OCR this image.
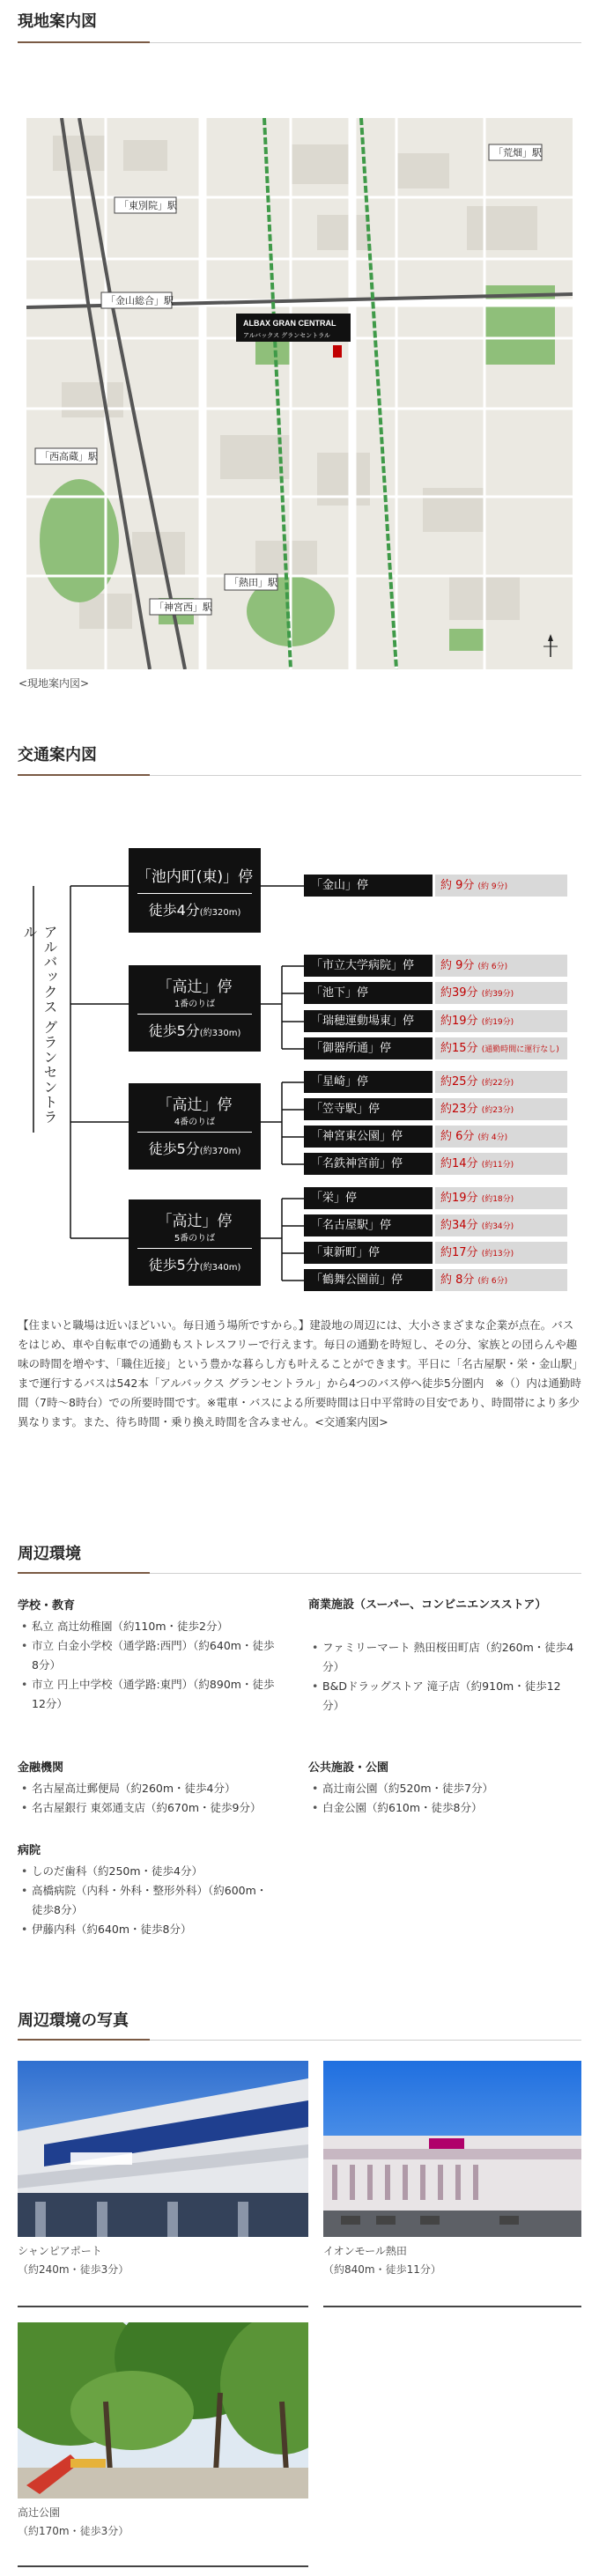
現地案内図
「荒畑」駅
「金山総合」駅
「西高蔵」駅
「熱田」駅
「神宮西」駅
「東別院」駅
ALBAX GRAN CENTRAL
アルバックス グランセントラル
<現地案内図>
交通案内図
アルバックス グランセントラル
「池内町(東)」停
徒歩4分(約320m)
「高辻」停
1番のりば
徒歩5分(約330m)
「高辻」停
4番のりば
徒歩5分(約370m)
「高辻」停
5番のりば
徒歩5分(約340m)
「金山」停	約 9分 (約 9分)
「市立大学病院」停	約 9分 (約 6分)
「池下」停	約39分 (約39分)
「瑞穂運動場東」停	約19分 (約19分)
「御器所通」停	約15分 (通勤時間に運行なし)
「星崎」停	約25分 (約22分)
「笠寺駅」停	約23分 (約23分)
「神宮東公園」停	約 6分 (約 4分)
「名鉄神宮前」停	約14分 (約11分)
「栄」停	約19分 (約18分)
「名古屋駅」停	約34分 (約34分)
「東新町」停	約17分 (約13分)
「鶴舞公園前」停	約 8分 (約 6分)
【住まいと職場は近いほどいい。毎日通う場所ですから。】建設地の周辺には、大小さまざまな企業が点在。バスをはじめ、車や自転車での通勤もストレスフリーで行えます。毎日の通勤を時短し、その分、家族との団らんや趣味の時間を増やす、「職住近接」という豊かな暮らし方も叶えることができます。平日に「名古屋駅・栄・金山駅」まで運行するバスは542本「アルバックス グランセントラル」から4つのバス停へ徒歩5分圏内　※（）内は通勤時間（7時〜8時台）での所要時間です。※電車・バスによる所要時間は日中平常時の目安であり、時間帯により多少異なります。また、待ち時間・乗り換え時間を含みません。<交通案内図>
周辺環境
学校・教育
• 私立 高辻幼稚園（約110m・徒歩2分）
• 市立 白金小学校（通学路:西門）（約640m・徒歩8分）
• 市立 円上中学校（通学路:東門）（約890m・徒歩12分）
金融機関
• 名古屋高辻郵便局（約260m・徒歩4分）
• 名古屋銀行 東郊通支店（約670m・徒歩9分）
病院
• しのだ歯科（約250m・徒歩4分）
• 高橋病院（内科・外科・整形外科）（約600m・徒歩8分）
• 伊藤内科（約640m・徒歩8分）
商業施設（スーパー、コンビニエンスストア）
• ファミリーマート 熱田桜田町店（約260m・徒歩4分）
• B&Dドラッグストア 滝子店（約910m・徒歩12分）
公共施設・公園
• 高辻南公園（約520m・徒歩7分）
• 白金公園（約610m・徒歩8分）
周辺環境の写真
シャンピアポート
（約240m・徒歩3分）
イオンモール熱田
（約840m・徒歩11分）
高辻公園
（約170m・徒歩3分）
